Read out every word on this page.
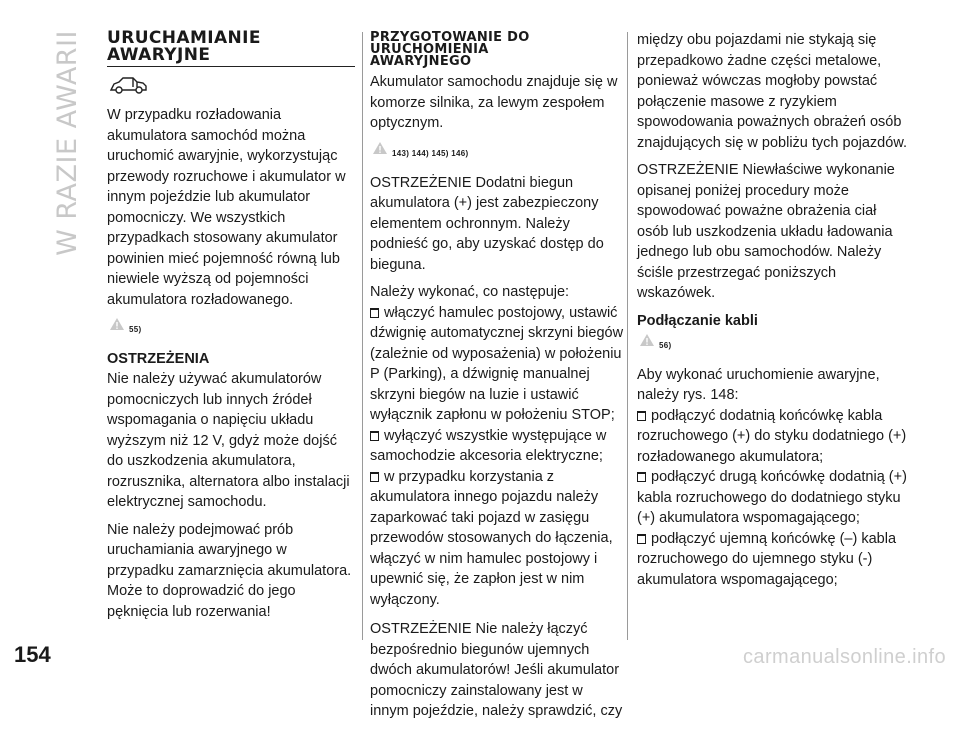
W RAZIE AWARII
154	carmanualsonline.info
URUCHAMIANIE AWARYJNE

W przypadku rozładowania akumulatora samochód można uruchomić awaryjnie, wykorzystując przewody rozruchowe i akumulator w innym pojeździe lub akumulator pomocniczy. We wszystkich przypadkach stosowany akumulator powinien mieć pojemność równą lub niewiele wyższą od pojemności akumulatora rozładowanego.

55)
OSTRZEŻENIA

Nie należy używać akumulatorów pomocniczych lub innych źródeł wspomagania o napięciu układu wyższym niż 12 V, gdyż może dojść do uszkodzenia akumulatora, rozrusznika, alternatora albo instalacji elektrycznej samochodu.

Nie należy podejmować prób uruchamiania awaryjnego w przypadku zamarznięcia akumulatora. Może to doprowadzić do jego pęknięcia lub rozerwania!

PRZYGOTOWANIE DO URUCHOMIENIA AWARYJNEGO

Akumulator samochodu znajduje się w komorze silnika, za lewym zespołem optycznym.

143) 144) 145) 146)

OSTRZEŻENIE Dodatni biegun akumulatora (+) jest zabezpieczony elementem ochronnym. Należy podnieść go, aby uzyskać dostęp do bieguna.

Należy wykonać, co następuje:

włączyć hamulec postojowy, ustawić dźwignię automatycznej skrzyni biegów (zależnie od wyposażenia) w położeniu P (Parking), a dźwignię manualnej skrzyni biegów na luzie i ustawić wyłącznik zapłonu w położeniu STOP;

wyłączyć wszystkie występujące w samochodzie akcesoria elektryczne;

w przypadku korzystania z akumulatora innego pojazdu należy zaparkować taki pojazd w zasięgu przewodów stosowanych do łączenia, włączyć w nim hamulec postojowy i upewnić się, że zapłon jest w nim wyłączony.

OSTRZEŻENIE Nie należy łączyć bezpośrednio biegunów ujemnych dwóch akumulatorów! Jeśli akumulator pomocniczy zainstalowany jest w innym pojeździe, należy sprawdzić, czy

między obu pojazdami nie stykają się przepadkowo żadne części metalowe, ponieważ wówczas mogłoby powstać połączenie masowe z ryzykiem spowodowania poważnych obrażeń osób znajdujących się w pobliżu tych pojazdów.

OSTRZEŻENIE Niewłaściwe wykonanie opisanej poniżej procedury może spowodować poważne obrażenia ciał osób lub uszkodzenia układu ładowania jednego lub obu samochodów. Należy ściśle przestrzegać poniższych wskazówek.

Podłączanie kabli
56)

Aby wykonać uruchomienie awaryjne, należy rys. 148:

podłączyć dodatnią końcówkę kabla rozruchowego (+) do styku dodatniego (+) rozładowanego akumulatora;

podłączyć drugą końcówkę dodatnią (+) kabla rozruchowego do dodatniego styku (+) akumulatora wspomagającego;

podłączyć ujemną końcówkę (–) kabla rozruchowego do ujemnego styku (-) akumulatora wspomagającego;
